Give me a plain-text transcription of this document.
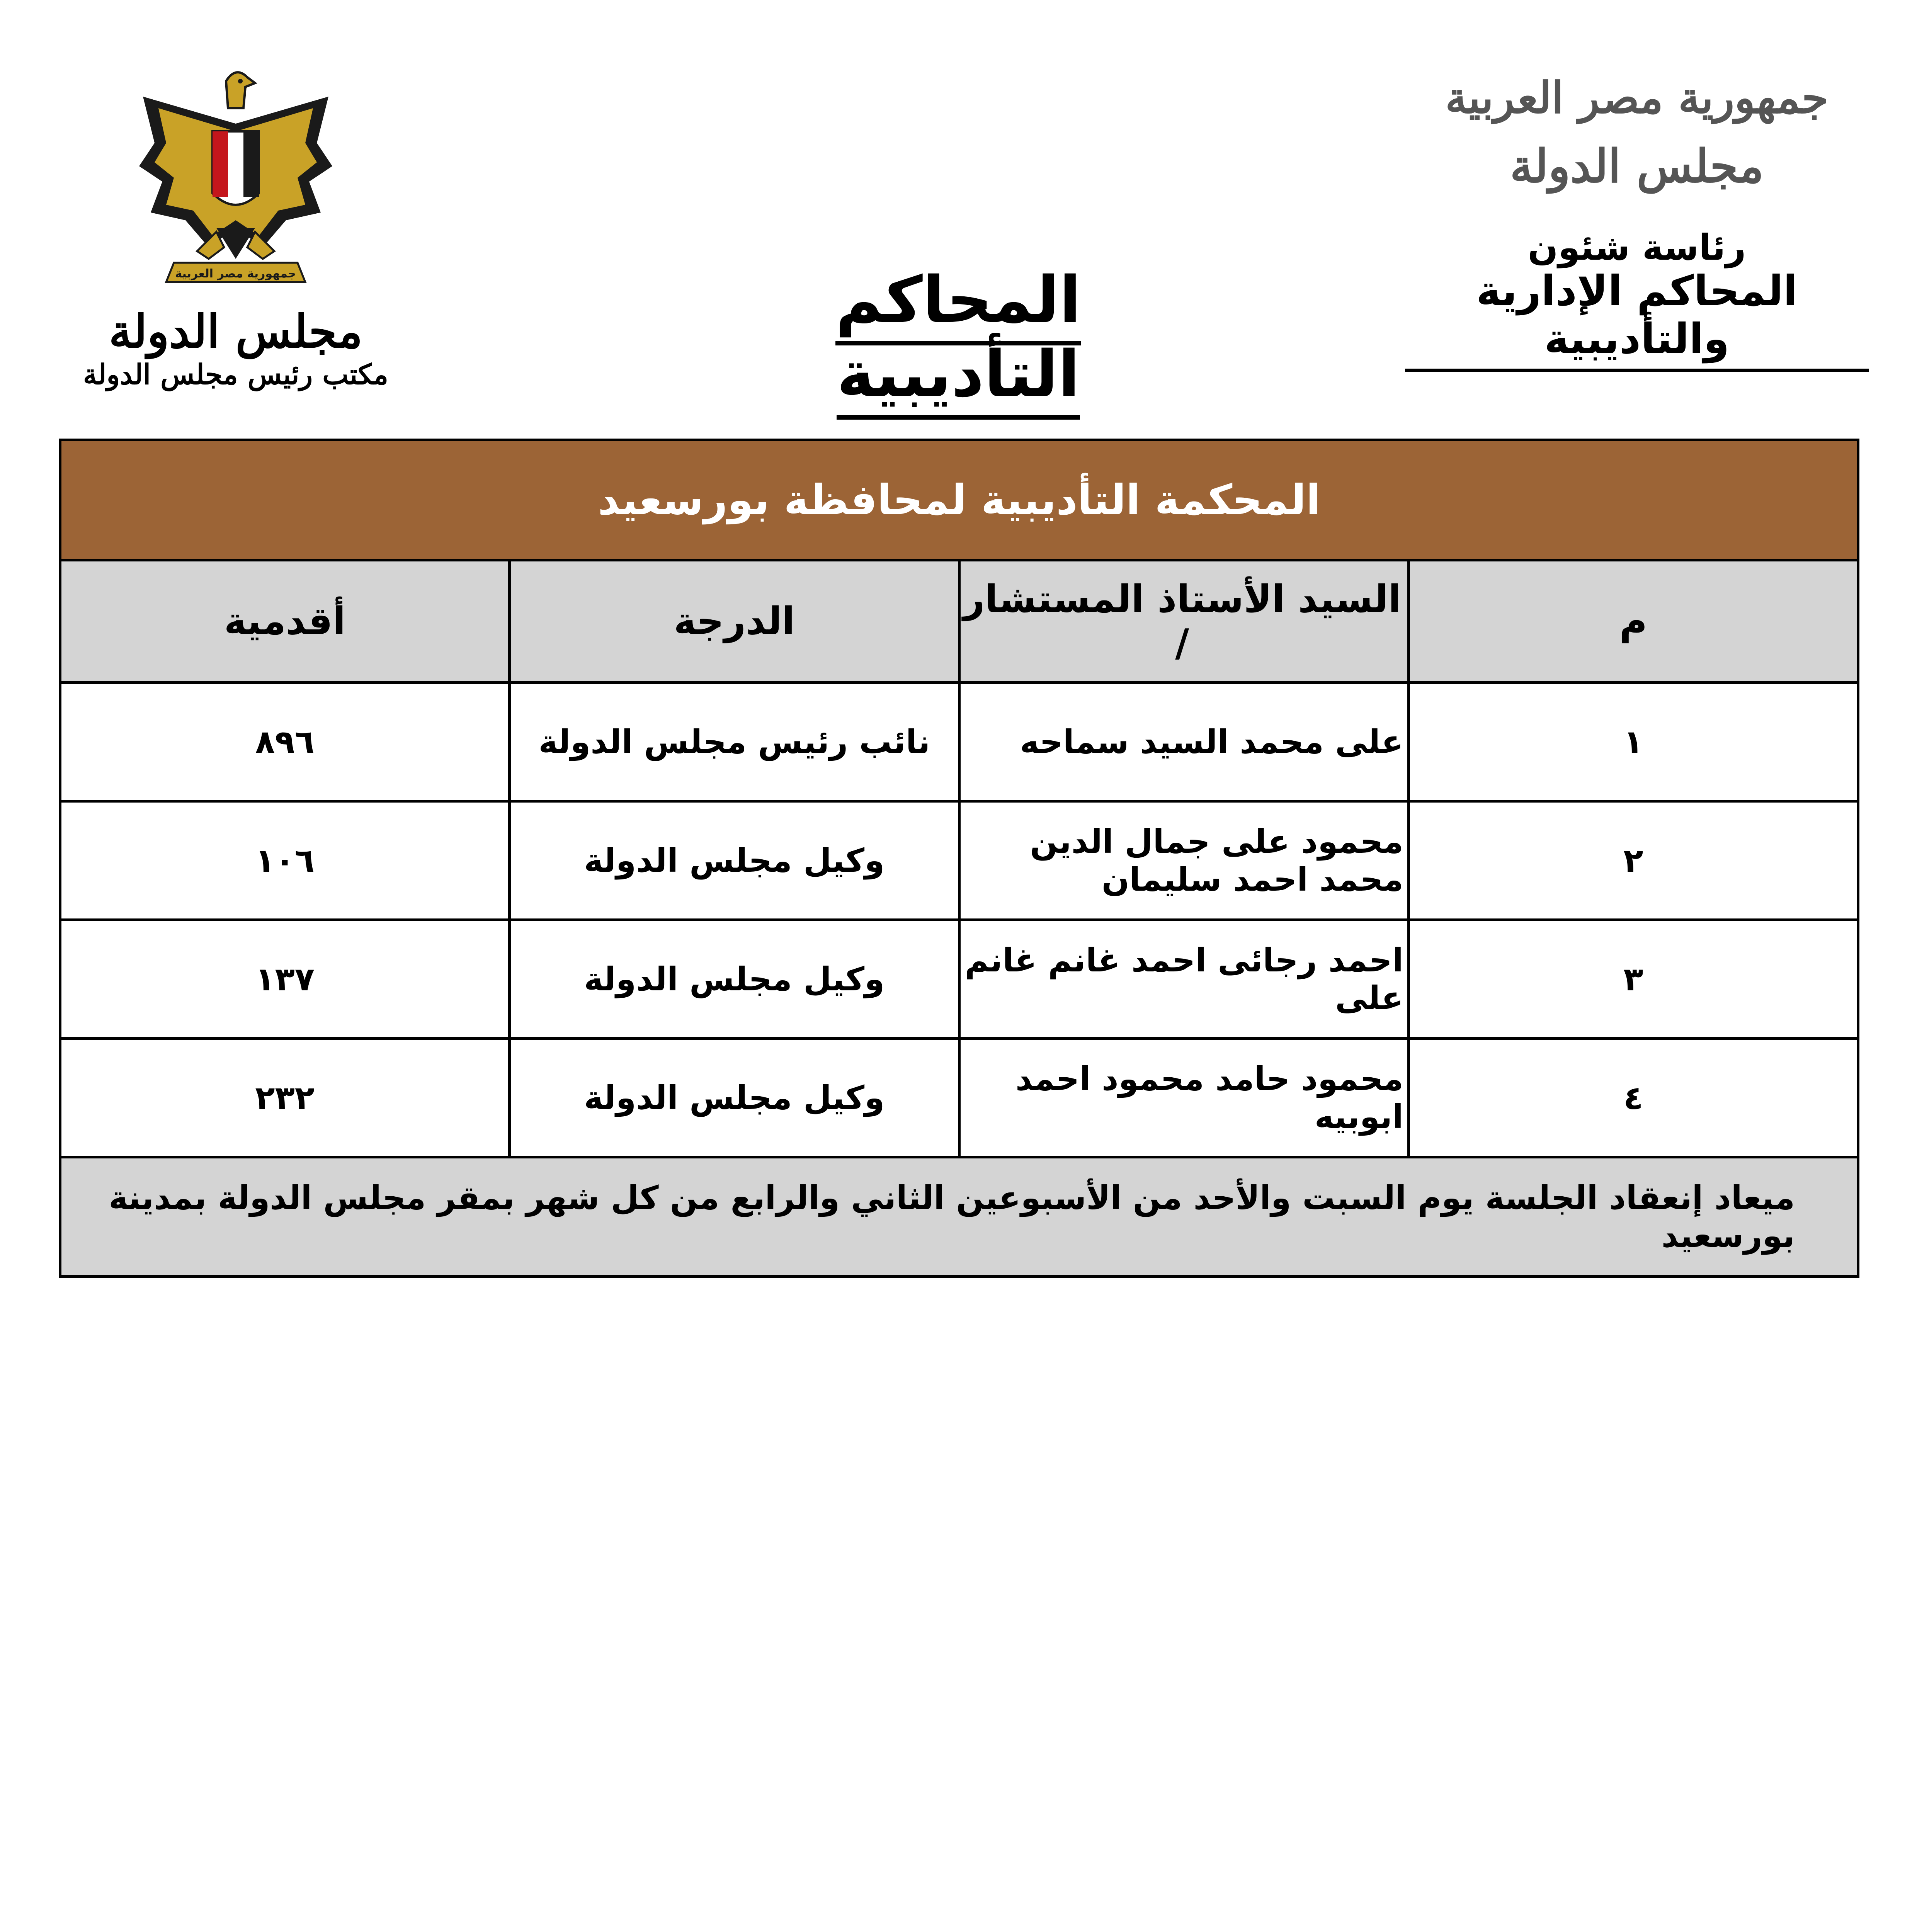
جمهورية مصر العربية
مجلس الدولة
رئاسة شئون
المحاكم الإدارية والتأديبية
المحاكم التأديبية
جمهورية مصر العربية
مجلس الدولة
مكتب رئيس مجلس الدولة
المحكمة التأديبية لمحافظة بورسعيد			
م	السيد الأستاذ المستشار /	الدرجة	أقدمية
١	على محمد السيد سماحه	نائب رئيس مجلس الدولة	٨٩٦
٢	محمود على جمال الدين محمد احمد سليمان	وكيل مجلس الدولة	١٠٦
٣	احمد رجائى احمد غانم غانم على	وكيل مجلس الدولة	١٣٧
٤	محمود حامد محمود احمد ابوبيه	وكيل مجلس الدولة	٢٣٢
ميعاد إنعقاد الجلسة يوم السبت والأحد من الأسبوعين الثاني والرابع من كل شهر بمقر مجلس الدولة بمدينة بورسعيد			
